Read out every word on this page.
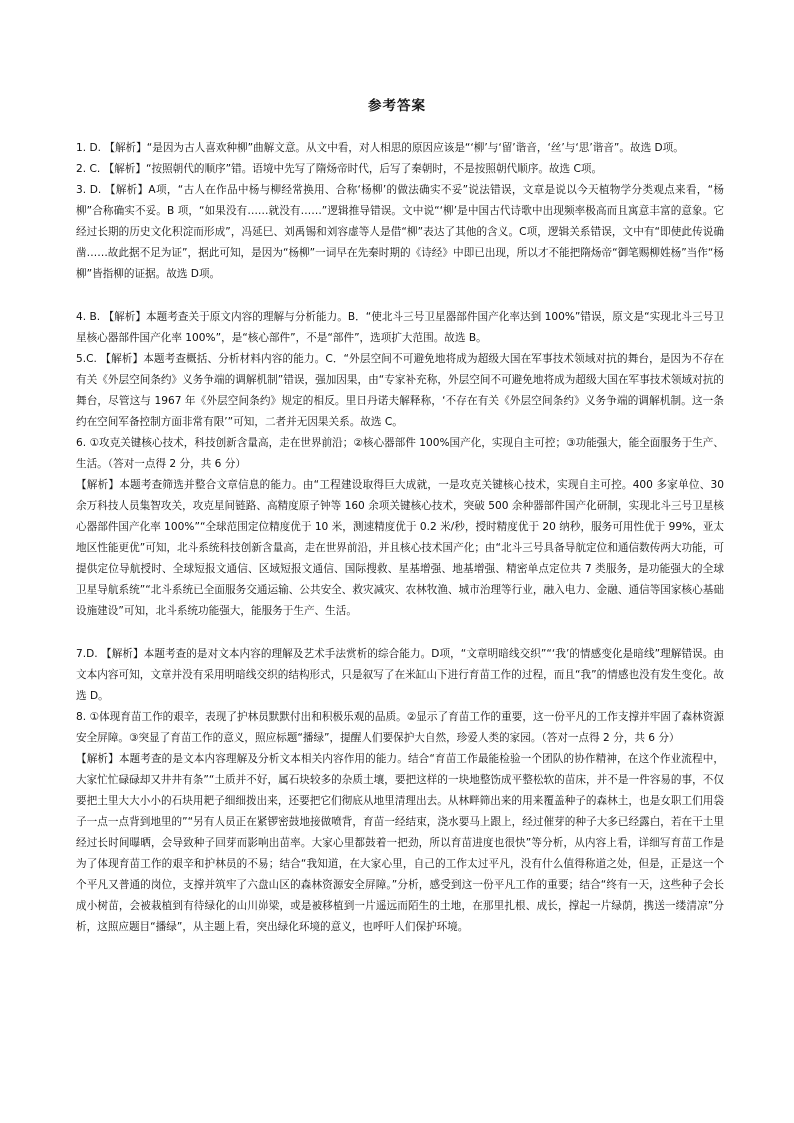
参考答案

1. D. 【解析】“是因为古人喜欢种柳”曲解文意。从文中看，对人相思的原因应该是“‘柳’与‘留’谐音，‘丝’与‘思’谐音”。故选 D项。

2. C. 【解析】“按照朝代的顺序”错。语境中先写了隋炀帝时代，后写了秦朝时，不是按照朝代顺序。故选 C项。

3. D. 【解析】A项，“古人在作品中杨与柳经常换用、合称‘杨柳’的做法确实不妥”说法错误，文章是说以今天植物学分类观点来看，“杨柳”合称确实不妥。B 项，“如果没有……就没有……”逻辑推导错误。文中说“‘柳’是中国古代诗歌中出现频率极高而且寓意丰富的意象。它经过长期的历史文化积淀而形成”，冯延巳、刘禹锡和刘容虚等人是借“柳”表达了其他的含义。C项，逻辑关系错误，文中有“即使此传说确凿……故此据不足为证”，据此可知，是因为“杨柳”一词早在先秦时期的《诗经》中即已出现，所以才不能把隋炀帝“御笔赐柳姓杨”当作“杨柳”皆指柳的证据。故选 D项。

4. B. 【解析】本题考查关于原文内容的理解与分析能力。B．“使北斗三号卫星器部件国产化率达到 100%”错误，原文是“实现北斗三号卫星核心器部件国产化率 100%”，是“核心部件”，不是“部件”，选项扩大范围。故选 B。

5.C. 【解析】本题考查概括、分析材料内容的能力。C．“外层空间不可避免地将成为超级大国在军事技术领域对抗的舞台，是因为不存在有关《外层空间条约》义务争端的调解机制”错误，强加因果，由“专家补充称，外层空间不可避免地将成为超级大国在军事技术领域对抗的舞台，尽管这与 1967 年《外层空间条约》规定的相反。里日丹诺夫解释称，‘不存在有关《外层空间条约》义务争端的调解机制。这一条约在空间军备控制方面非常有限’”可知，二者并无因果关系。故选 C。

6. ①攻克关键核心技术，科技创新含量高，走在世界前沿；②核心器部件 100%国产化，实现自主可控；③功能强大，能全面服务于生产、生活。（答对一点得 2 分，共 6 分）

【解析】本题考查筛选并整合文章信息的能力。由“工程建设取得巨大成就，一是攻克关键核心技术，实现自主可控。400 多家单位、30 余万科技人员集智攻关，攻克星间链路、高精度原子钟等 160 余项关键核心技术，突破 500 余种器部件国产化研制，实现北斗三号卫星核心器部件国产化率 100%”“全球范围定位精度优于 10 米，测速精度优于 0.2 米/秒，授时精度优于 20 纳秒，服务可用性优于 99%，亚太地区性能更优”可知，北斗系统科技创新含量高，走在世界前沿，并且核心技术国产化；由“北斗三号具备导航定位和通信数传两大功能，可提供定位导航授时、全球短报文通信、区域短报文通信、国际搜救、星基增强、地基增强、精密单点定位共 7 类服务，是功能强大的全球卫星导航系统”“北斗系统已全面服务交通运输、公共安全、救灾减灾、农林牧渔、城市治理等行业，融入电力、金融、通信等国家核心基础设施建设”可知，北斗系统功能强大，能服务于生产、生活。

7.D. 【解析】本题考查的是对文本内容的理解及艺术手法赏析的综合能力。D项，“文章明暗线交织”“‘我’的情感变化是暗线”理解错误。由文本内容可知，文章并没有采用明暗线交织的结构形式，只是叙写了在米缸山下进行育苗工作的过程，而且“我”的情感也没有发生变化。故选 D。

8. ①体现育苗工作的艰辛，表现了护林员默默付出和积极乐观的品质。②显示了育苗工作的重要，这一份平凡的工作支撑并牢固了森林资源安全屏障。③突显了育苗工作的意义，照应标题“播绿”，提醒人们要保护大自然，珍爱人类的家园。（答对一点得 2 分，共 6 分）

【解析】本题考查的是文本内容理解及分析文本相关内容作用的能力。结合“育苗工作最能检验一个团队的协作精神，在这个作业流程中，大家忙忙碌碌却又井井有条”“土质并不好，属石块较多的杂质土壤，要把这样的一块地整饬成平整松软的苗床，并不是一件容易的事，不仅要把土里大大小小的石块用耙子细细拨出来，还要把它们彻底从地里清理出去。从林畔筛出来的用来覆盖种子的森林土，也是女职工们用袋子一点一点背到地里的”“另有人员正在紧锣密鼓地接做喷背，育苗一经结束，浇水要马上跟上，经过催芽的种子大多已经露白，若在干土里经过长时间曝晒，会导致种子回芽而影响出苗率。大家心里都鼓着一把劲，所以育苗进度也很快”等分析，从内容上看，详细写育苗工作是为了体现育苗工作的艰辛和护林员的不易；结合“我知道，在大家心里，自己的工作太过平凡，没有什么值得称道之处，但是，正是这一个个平凡又普通的岗位，支撑并筑牢了六盘山区的森林资源安全屏障。”分析，感受到这一份平凡工作的重要；结合“终有一天，这些种子会长成小树苗，会被栽植到有待绿化的山川峁梁，或是被移植到一片遥远而陌生的土地，在那里扎根、成长，撑起一片绿荫，携送一缕清凉”分析，这照应题目“播绿”，从主题上看，突出绿化环境的意义，也呼吁人们保护环境。
